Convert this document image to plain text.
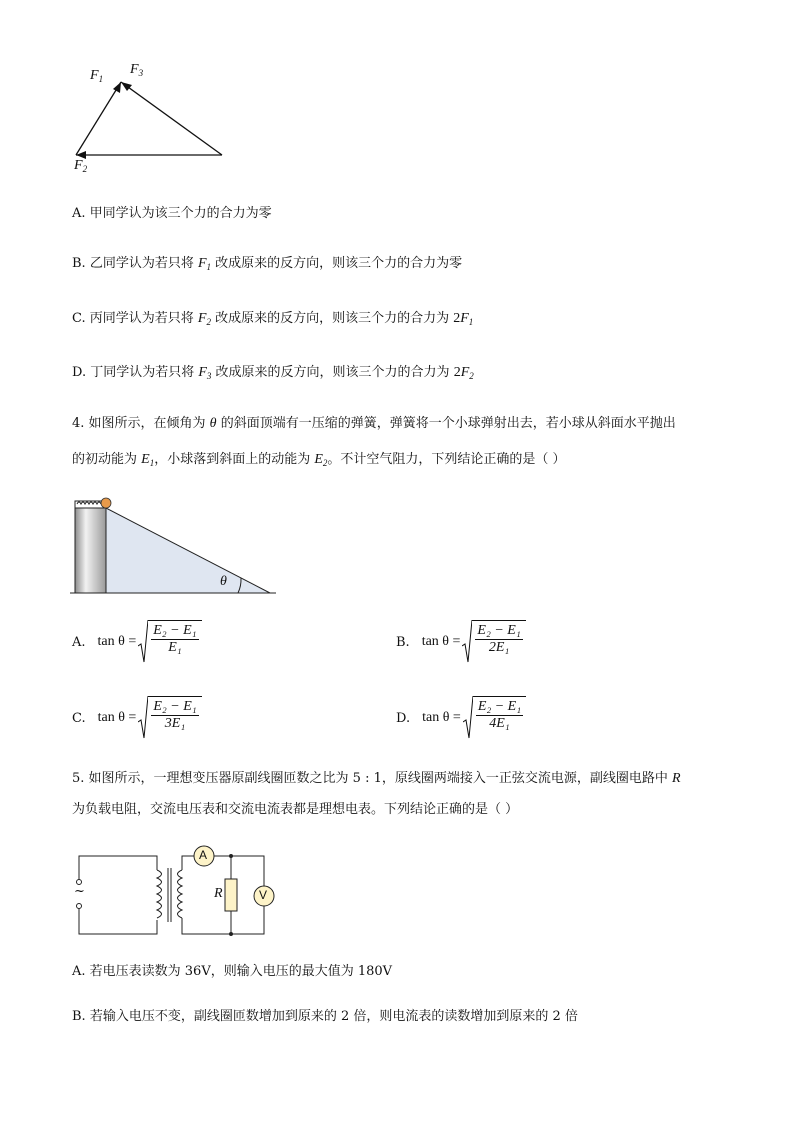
$F_1$
$F_3$
$F_2$
A. 甲同学认为该三个力的合力为零
B. 乙同学认为若只将 $F_1$ 改成原来的反方向，则该三个力的合力为零
C. 丙同学认为若只将 $F_2$ 改成原来的反方向，则该三个力的合力为 $2F_1$
D. 丁同学认为若只将 $F_3$ 改成原来的反方向，则该三个力的合力为 $2F_2$
4. 如图所示，在倾角为 θ 的斜面顶端有一压缩的弹簧，弹簧将一个小球弹射出去，若小球从斜面水平抛出
的初动能为 $E_1$，小球落到斜面上的动能为 $E_2$。不计空气阻力，下列结论正确的是（ ）
θ
A. $\tan \theta = \frac{\text{E₂ − E₁}}{\text{E₁}}$	B. $\tan \theta = \frac{\text{E₂ − E₁}}{\text{2E₁}}$
C. $\tan \theta = \frac{\text{E₂ − E₁}}{\text{3E₁}}$	D. $\tan \theta = \frac{\text{E₂ − E₁}}{\text{4E₁}}$
5. 如图所示，一理想变压器原副线圈匝数之比为 5 : 1，原线圈两端接入一正弦交流电源，副线圈电路中 R
为负载电阻，交流电压表和交流电流表都是理想电表。下列结论正确的是（ ）
~
A
V
R
A. 若电压表读数为 36V，则输入电压的最大值为 180V
B. 若输入电压不变，副线圈匝数增加到原来的 2 倍，则电流表的读数增加到原来的 2 倍
